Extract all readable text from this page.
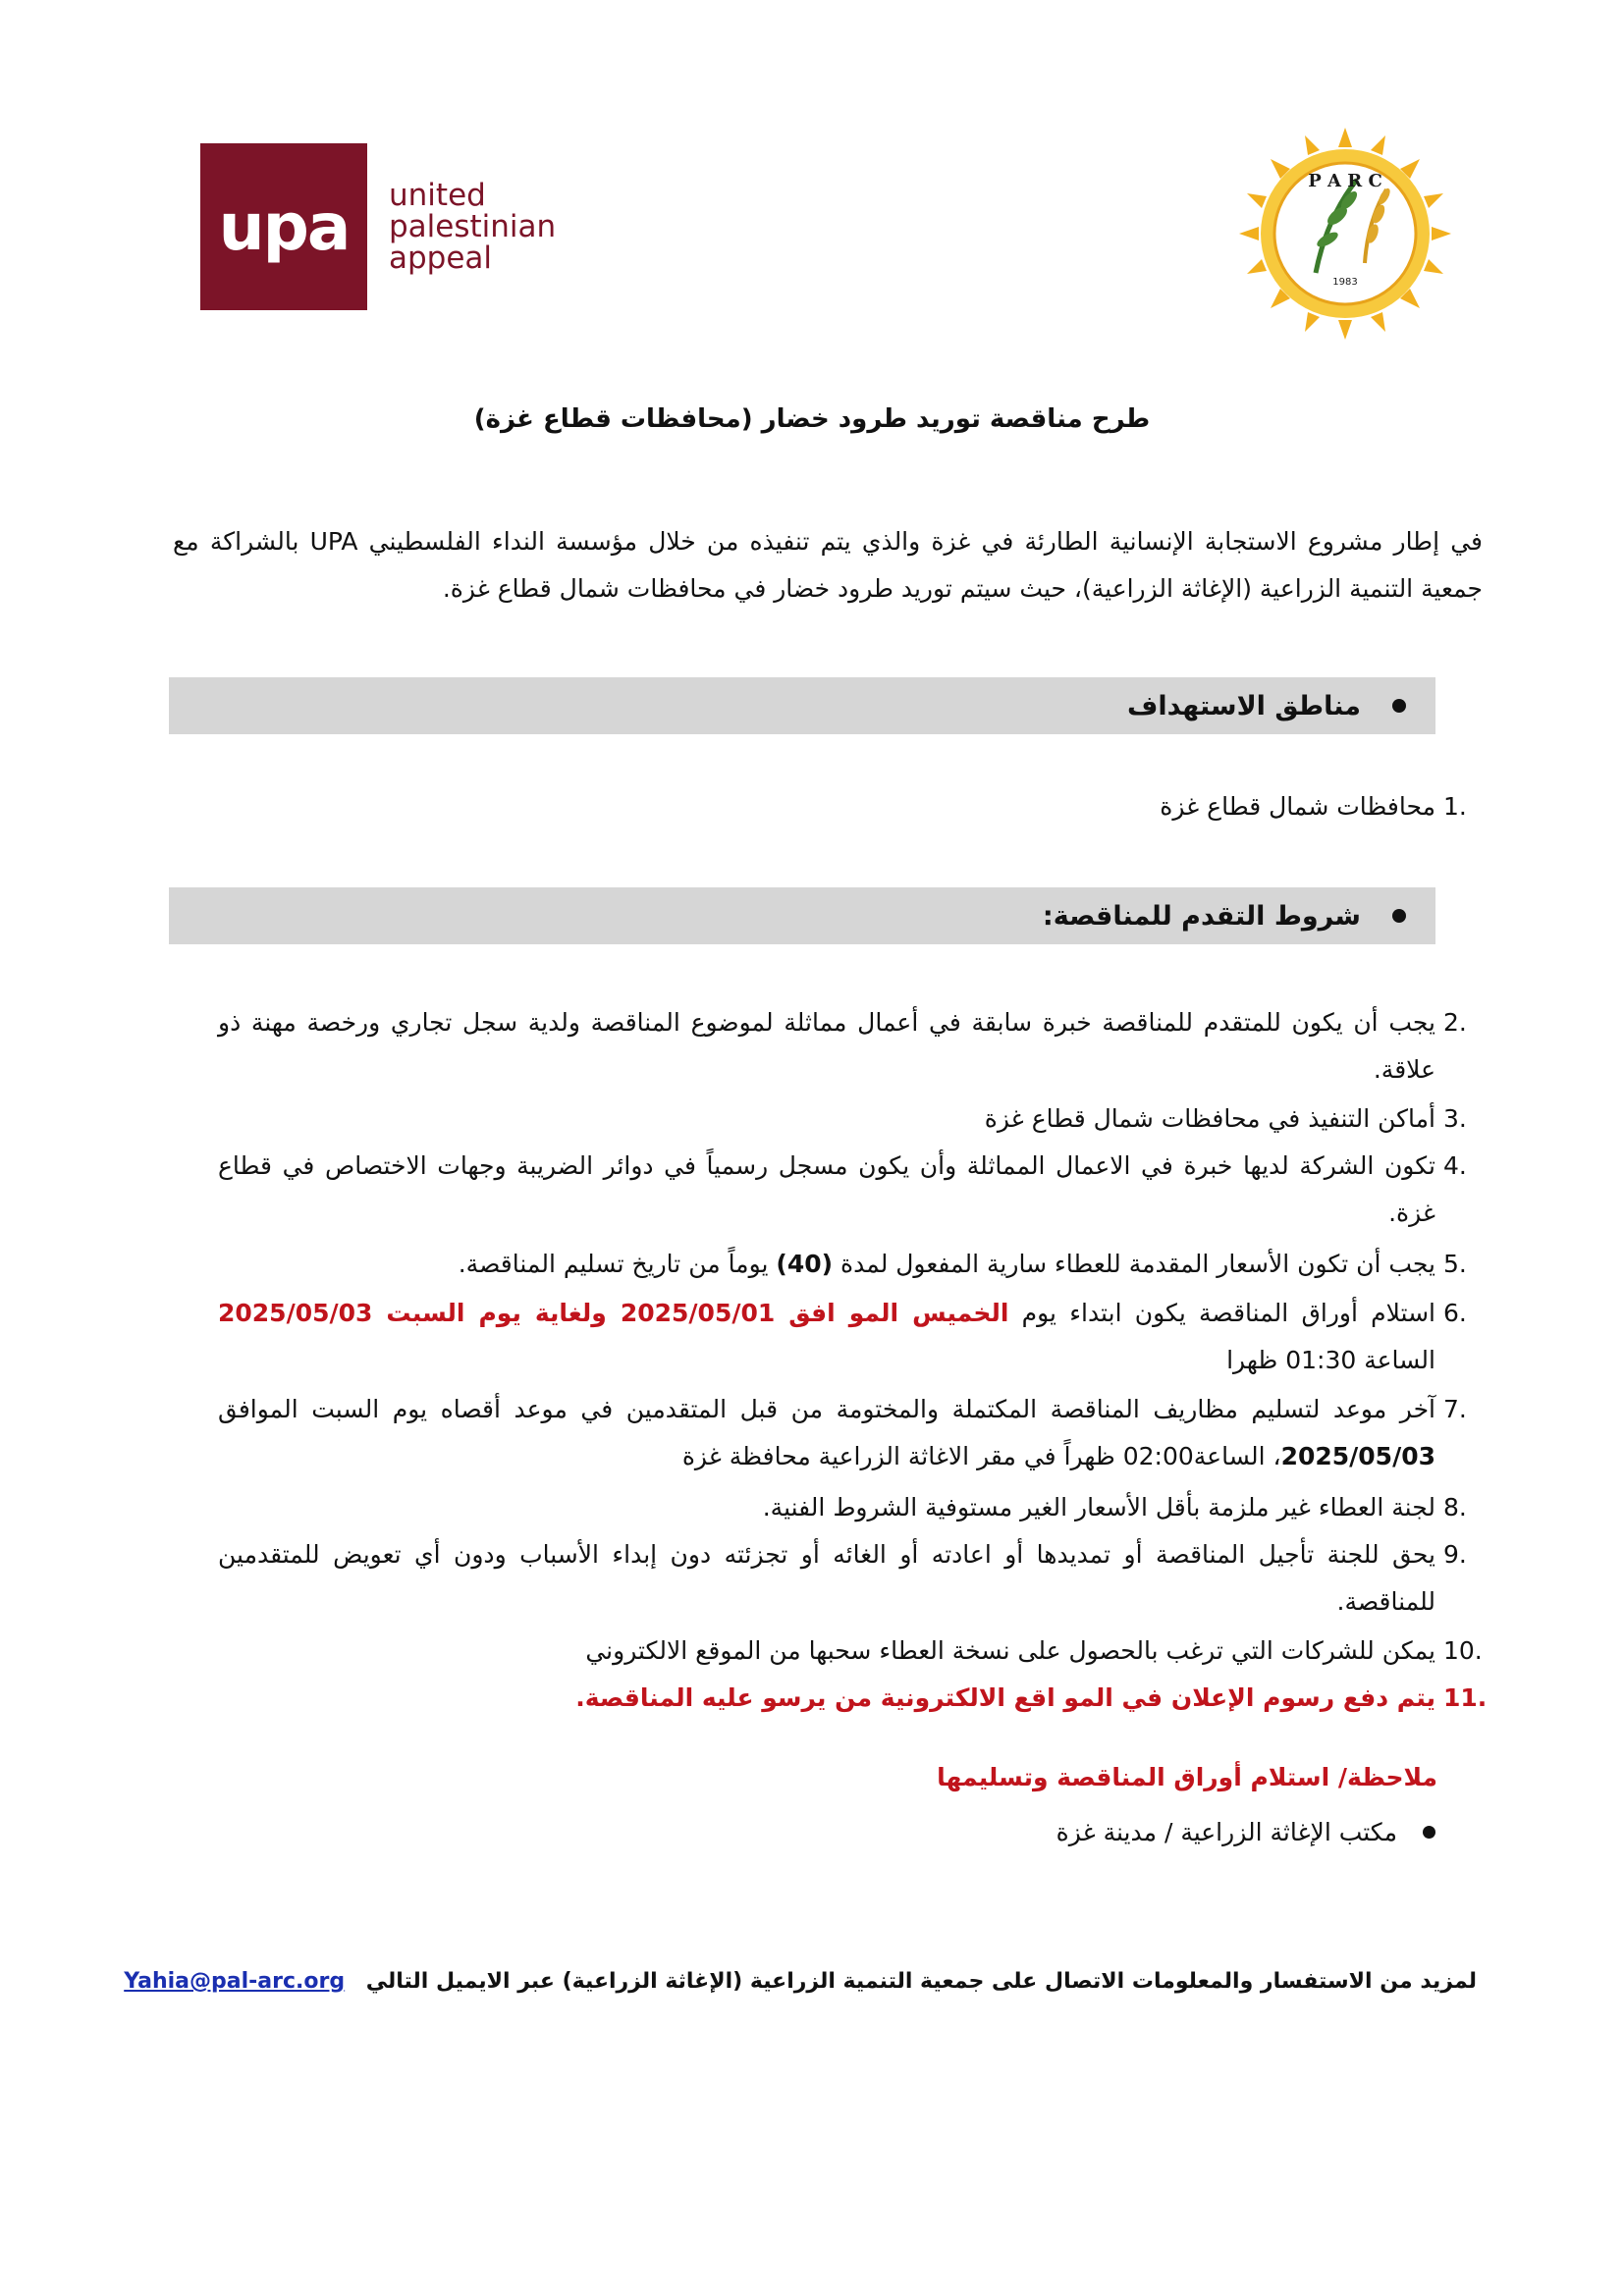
upa	united
palestinian
appeal
P A R C
1983
طرح مناقصة توريد طرود خضار (محافظات قطاع غزة)
في إطار مشروع الاستجابة الإنسانية الطارئة في غزة والذي يتم تنفيذه من خلال مؤسسة النداء الفلسطيني UPA بالشراكة مع جمعية التنمية الزراعية (الإغاثة الزراعية)، حيث سيتم توريد طرود خضار في محافظات شمال قطاع غزة.
مناطق الاستهداف
1.
محافظات شمال قطاع غزة
شروط التقدم للمناقصة:
2.
يجب أن يكون للمتقدم للمناقصة خبرة سابقة في أعمال مماثلة لموضوع المناقصة ولدية سجل تجاري ورخصة مهنة ذو علاقة.
3.
أماكن التنفيذ في محافظات شمال قطاع غزة
4.
تكون الشركة لديها خبرة في الاعمال المماثلة وأن يكون مسجل رسمياً في دوائر الضريبة وجهات الاختصاص في قطاع غزة.
5.
يجب أن تكون الأسعار المقدمة للعطاء سارية المفعول لمدة (40) يوماً من تاريخ تسليم المناقصة.
6.
استلام أوراق المناقصة يكون ابتداء يوم الخميس المو افق 2025/05/01 ولغاية يوم السبت 2025/05/03 الساعة 01:30 ظهرا
7.
آخر موعد لتسليم مظاريف المناقصة المكتملة والمختومة من قبل المتقدمين في موعد أقصاه يوم السبت الموافق 2025/05/03، الساعة02:00 ظهراً في مقر الاغاثة الزراعية محافظة غزة
8.
لجنة العطاء غير ملزمة بأقل الأسعار الغير مستوفية الشروط الفنية.
9.
يحق للجنة تأجيل المناقصة أو تمديدها أو اعادته أو الغائه أو تجزئته دون إبداء الأسباب ودون أي تعويض للمتقدمين للمناقصة.
10.
يمكن للشركات التي ترغب بالحصول على نسخة العطاء سحبها من الموقع الالكتروني
11.
يتم دفع رسوم الإعلان في المو اقع الالكترونية من يرسو عليه المناقصة.
ملاحظة/ استلام أوراق المناقصة وتسليمها
مكتب الإغاثة الزراعية / مدينة غزة
لمزيد من الاستفسار والمعلومات الاتصال على جمعية التنمية الزراعية (الإغاثة الزراعية) عبر الايميل التالي Yahia@pal-arc.org
